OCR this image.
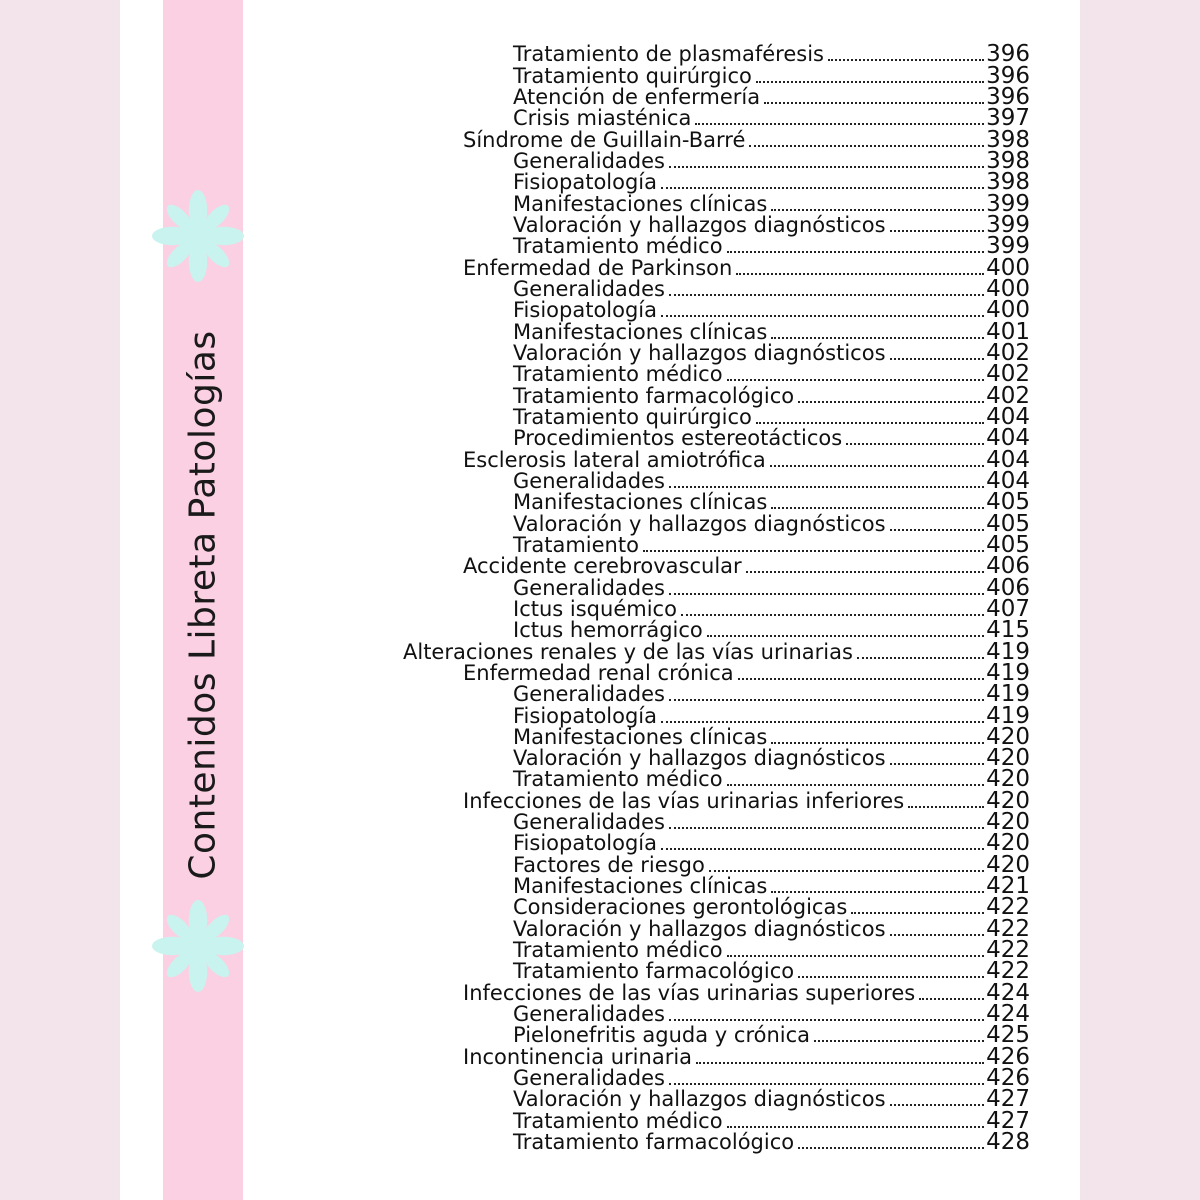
Contenidos Libreta Patologías
Tratamiento de plasmaféresis	396
Tratamiento quirúrgico	396
Atención de enfermería	396
Crisis miasténica	397
Síndrome de Guillain-Barré	398
Generalidades	398
Fisiopatología	398
Manifestaciones clínicas	399
Valoración y hallazgos diagnósticos	399
Tratamiento médico	399
Enfermedad de Parkinson	400
Generalidades	400
Fisiopatología	400
Manifestaciones clínicas	401
Valoración y hallazgos diagnósticos	402
Tratamiento médico	402
Tratamiento farmacológico	402
Tratamiento quirúrgico	404
Procedimientos estereotácticos	404
Esclerosis lateral amiotrófica	404
Generalidades	404
Manifestaciones clínicas	405
Valoración y hallazgos diagnósticos	405
Tratamiento	405
Accidente cerebrovascular	406
Generalidades	406
Ictus isquémico	407
Ictus hemorrágico	415
Alteraciones renales y de las vías urinarias	419
Enfermedad renal crónica	419
Generalidades	419
Fisiopatología	419
Manifestaciones clínicas	420
Valoración y hallazgos diagnósticos	420
Tratamiento médico	420
Infecciones de las vías urinarias inferiores	420
Generalidades	420
Fisiopatología	420
Factores de riesgo	420
Manifestaciones clínicas	421
Consideraciones gerontológicas	422
Valoración y hallazgos diagnósticos	422
Tratamiento médico	422
Tratamiento farmacológico	422
Infecciones de las vías urinarias superiores	424
Generalidades	424
Pielonefritis aguda y crónica	425
Incontinencia urinaria	426
Generalidades	426
Valoración y hallazgos diagnósticos	427
Tratamiento médico	427
Tratamiento farmacológico	428
